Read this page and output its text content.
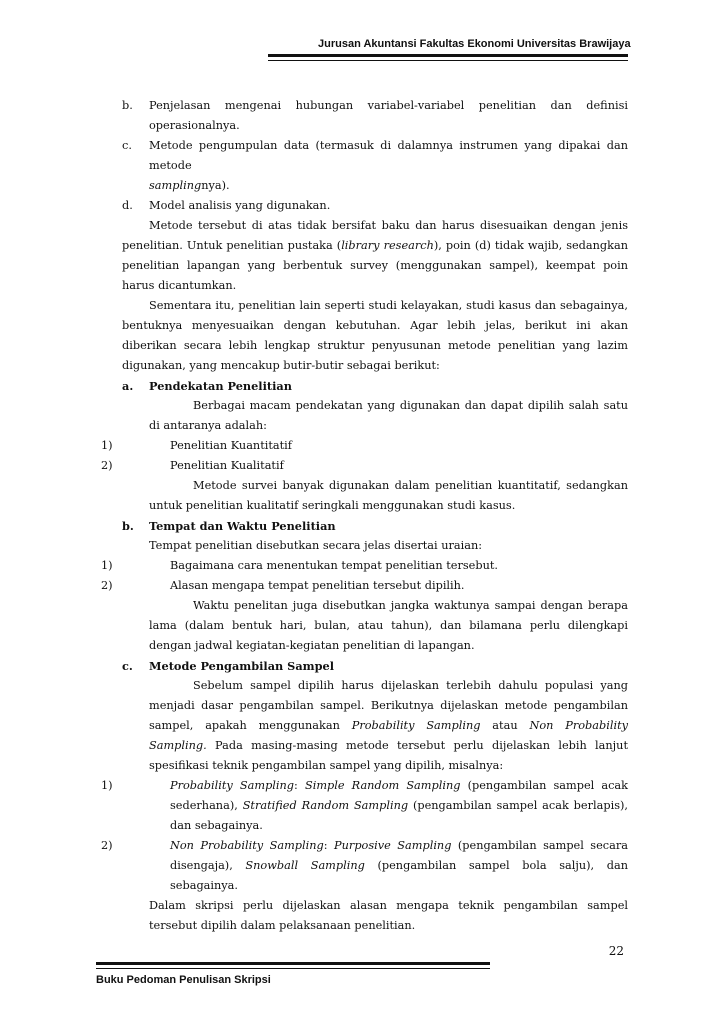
Jurusan Akuntansi Fakultas Ekonomi Universitas Brawijaya
b. Penjelasan mengenai hubungan variabel-variabel penelitian dan definisi
operasionalnya.
c. Metode pengumpulan data (termasuk di dalamnya instrumen yang dipakai dan metode
samplingnya).
d. Model analisis yang digunakan.
Metode tersebut di atas tidak bersifat baku dan harus disesuaikan dengan jenis penelitian. Untuk penelitian pustaka (library research), poin (d) tidak wajib, sedangkan penelitian lapangan yang berbentuk survey (menggunakan sampel), keempat poin harus dicantumkan.
Sementara itu, penelitian lain seperti studi kelayakan, studi kasus dan sebagainya, bentuknya menyesuaikan dengan kebutuhan. Agar lebih jelas, berikut ini akan diberikan secara lebih lengkap struktur penyusunan metode penelitian yang lazim digunakan, yang mencakup butir-butir sebagai berikut:
a. Pendekatan Penelitian
Berbagai macam pendekatan yang digunakan dan dapat dipilih salah satu di antaranya adalah:
1)	Penelitian Kuantitatif
2)	Penelitian Kualitatif
Metode survei banyak digunakan dalam penelitian kuantitatif, sedangkan untuk penelitian kualitatif seringkali menggunakan studi kasus.
b. Tempat dan Waktu Penelitian
Tempat penelitian disebutkan secara jelas disertai uraian:
1)	Bagaimana cara menentukan tempat penelitian tersebut.
2)	Alasan mengapa tempat penelitian tersebut dipilih.
Waktu penelitan juga disebutkan jangka waktunya sampai dengan berapa lama (dalam bentuk hari, bulan, atau tahun), dan bilamana perlu dilengkapi dengan jadwal kegiatan-kegiatan penelitian di lapangan.
c. Metode Pengambilan Sampel
Sebelum sampel dipilih harus dijelaskan terlebih dahulu populasi yang menjadi dasar pengambilan sampel. Berikutnya dijelaskan metode pengambilan sampel, apakah menggunakan Probability Sampling atau Non Probability Sampling. Pada masing-masing metode tersebut perlu dijelaskan lebih lanjut spesifikasi teknik pengambilan sampel yang dipilih, misalnya:
1)	Probability Sampling: Simple Random Sampling (pengambilan sampel acak sederhana), Stratified Random Sampling (pengambilan sampel acak berlapis), dan sebagainya.
2)	Non Probability Sampling: Purposive Sampling (pengambilan sampel secara disengaja), Snowball Sampling (pengambilan sampel bola salju), dan sebagainya.
Dalam skripsi perlu dijelaskan alasan mengapa teknik pengambilan sampel tersebut dipilih dalam pelaksanaan penelitian.
22
Buku Pedoman Penulisan Skripsi
